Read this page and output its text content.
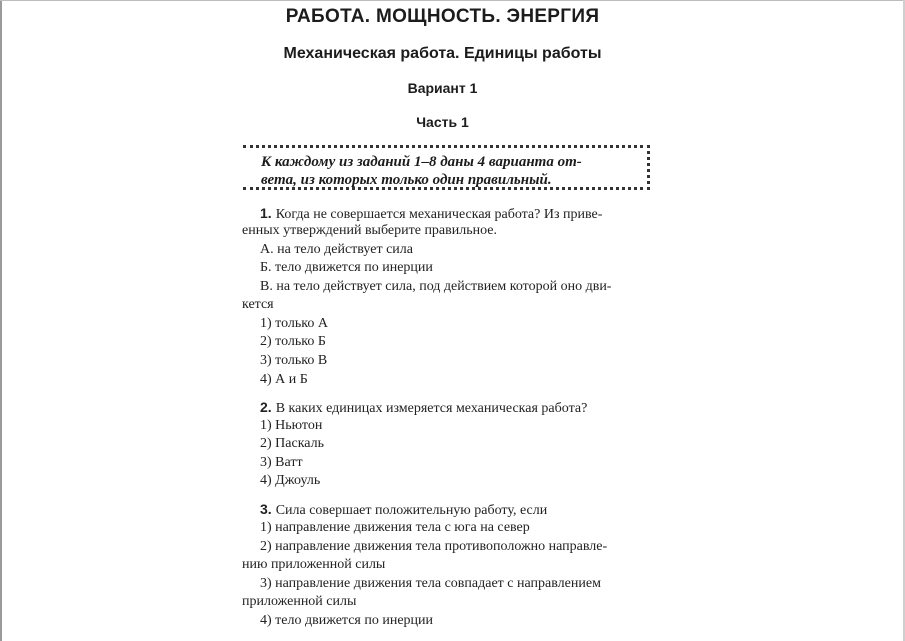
РАБОТА. МОЩНОСТЬ. ЭНЕРГИЯ
Механическая работа. Единицы работы
Вариант 1
Часть 1
К каждому из заданий 1–8 даны 4 варианта от-
вета, из которых только один правильный.
1. Когда не совершается механическая работа? Из приве-
енных утверждений выберите правильное.
А. на тело действует сила
Б. тело движется по инерции
В. на тело действует сила, под действием которой оно дви-
кется
1) только А
2) только Б
3) только В
4) А и Б
2. В каких единицах измеряется механическая работа?
1) Ньютон
2) Паскаль
3) Ватт
4) Джоуль
3. Сила совершает положительную работу, если
1) направление движения тела с юга на север
2) направление движения тела противоположно направле-
нию приложенной силы
3) направление движения тела совпадает с направлением
приложенной силы
4) тело движется по инерции
